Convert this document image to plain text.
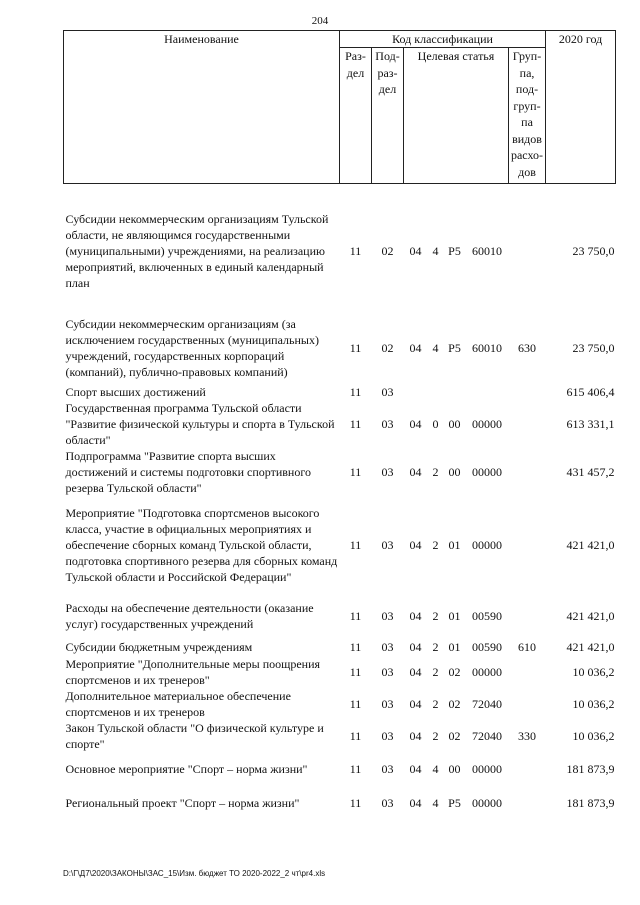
204
Наименование	Код классификации							2020 год
	Раз-дел	Под-раз-дел	Целевая статья				Груп-па, под-груп-па видов расхо-дов	
Субсидии некоммерческим организациям Тульской области, не являющимся государственными (муниципальными) учреждениями, на реализацию мероприятий, включенных в единый календарный план	11	02	04	4	P5	60010		23 750,0
Субсидии некоммерческим организациям (за исключением государственных (муниципальных) учреждений, государственных корпораций (компаний), публично-правовых компаний)	11	02	04	4	P5	60010	630	23 750,0
Спорт высших достижений	11	03						615 406,4
Государственная программа Тульской области "Развитие физической культуры и спорта в Тульской области"	11	03	04	0	00	00000		613 331,1
Подпрограмма "Развитие спорта высших достижений и системы подготовки спортивного резерва Тульской области"	11	03	04	2	00	00000		431 457,2
Мероприятие "Подготовка спортсменов высокого класса, участие в официальных мероприятиях и обеспечение сборных команд Тульской области, подготовка спортивного резерва для сборных команд Тульской области и Российской Федерации"	11	03	04	2	01	00000		421 421,0
Расходы на обеспечение деятельности (оказание услуг) государственных учреждений	11	03	04	2	01	00590		421 421,0
Субсидии бюджетным учреждениям	11	03	04	2	01	00590	610	421 421,0
Мероприятие "Дополнительные меры поощрения спортсменов и их тренеров"	11	03	04	2	02	00000		10 036,2
Дополнительное материальное обеспечение спортсменов и их тренеров	11	03	04	2	02	72040		10 036,2
Закон Тульской области "О физической культуре и спорте"	11	03	04	2	02	72040	330	10 036,2
Основное мероприятие "Спорт – норма жизни"	11	03	04	4	00	00000		181 873,9
Региональный проект "Спорт – норма жизни"	11	03	04	4	P5	00000		181 873,9
D:\Г\Д7\2020\ЗАКОНЫ\ЗАС_15\Изм. бюджет ТО 2020-2022_2 чт\pr4.xls
